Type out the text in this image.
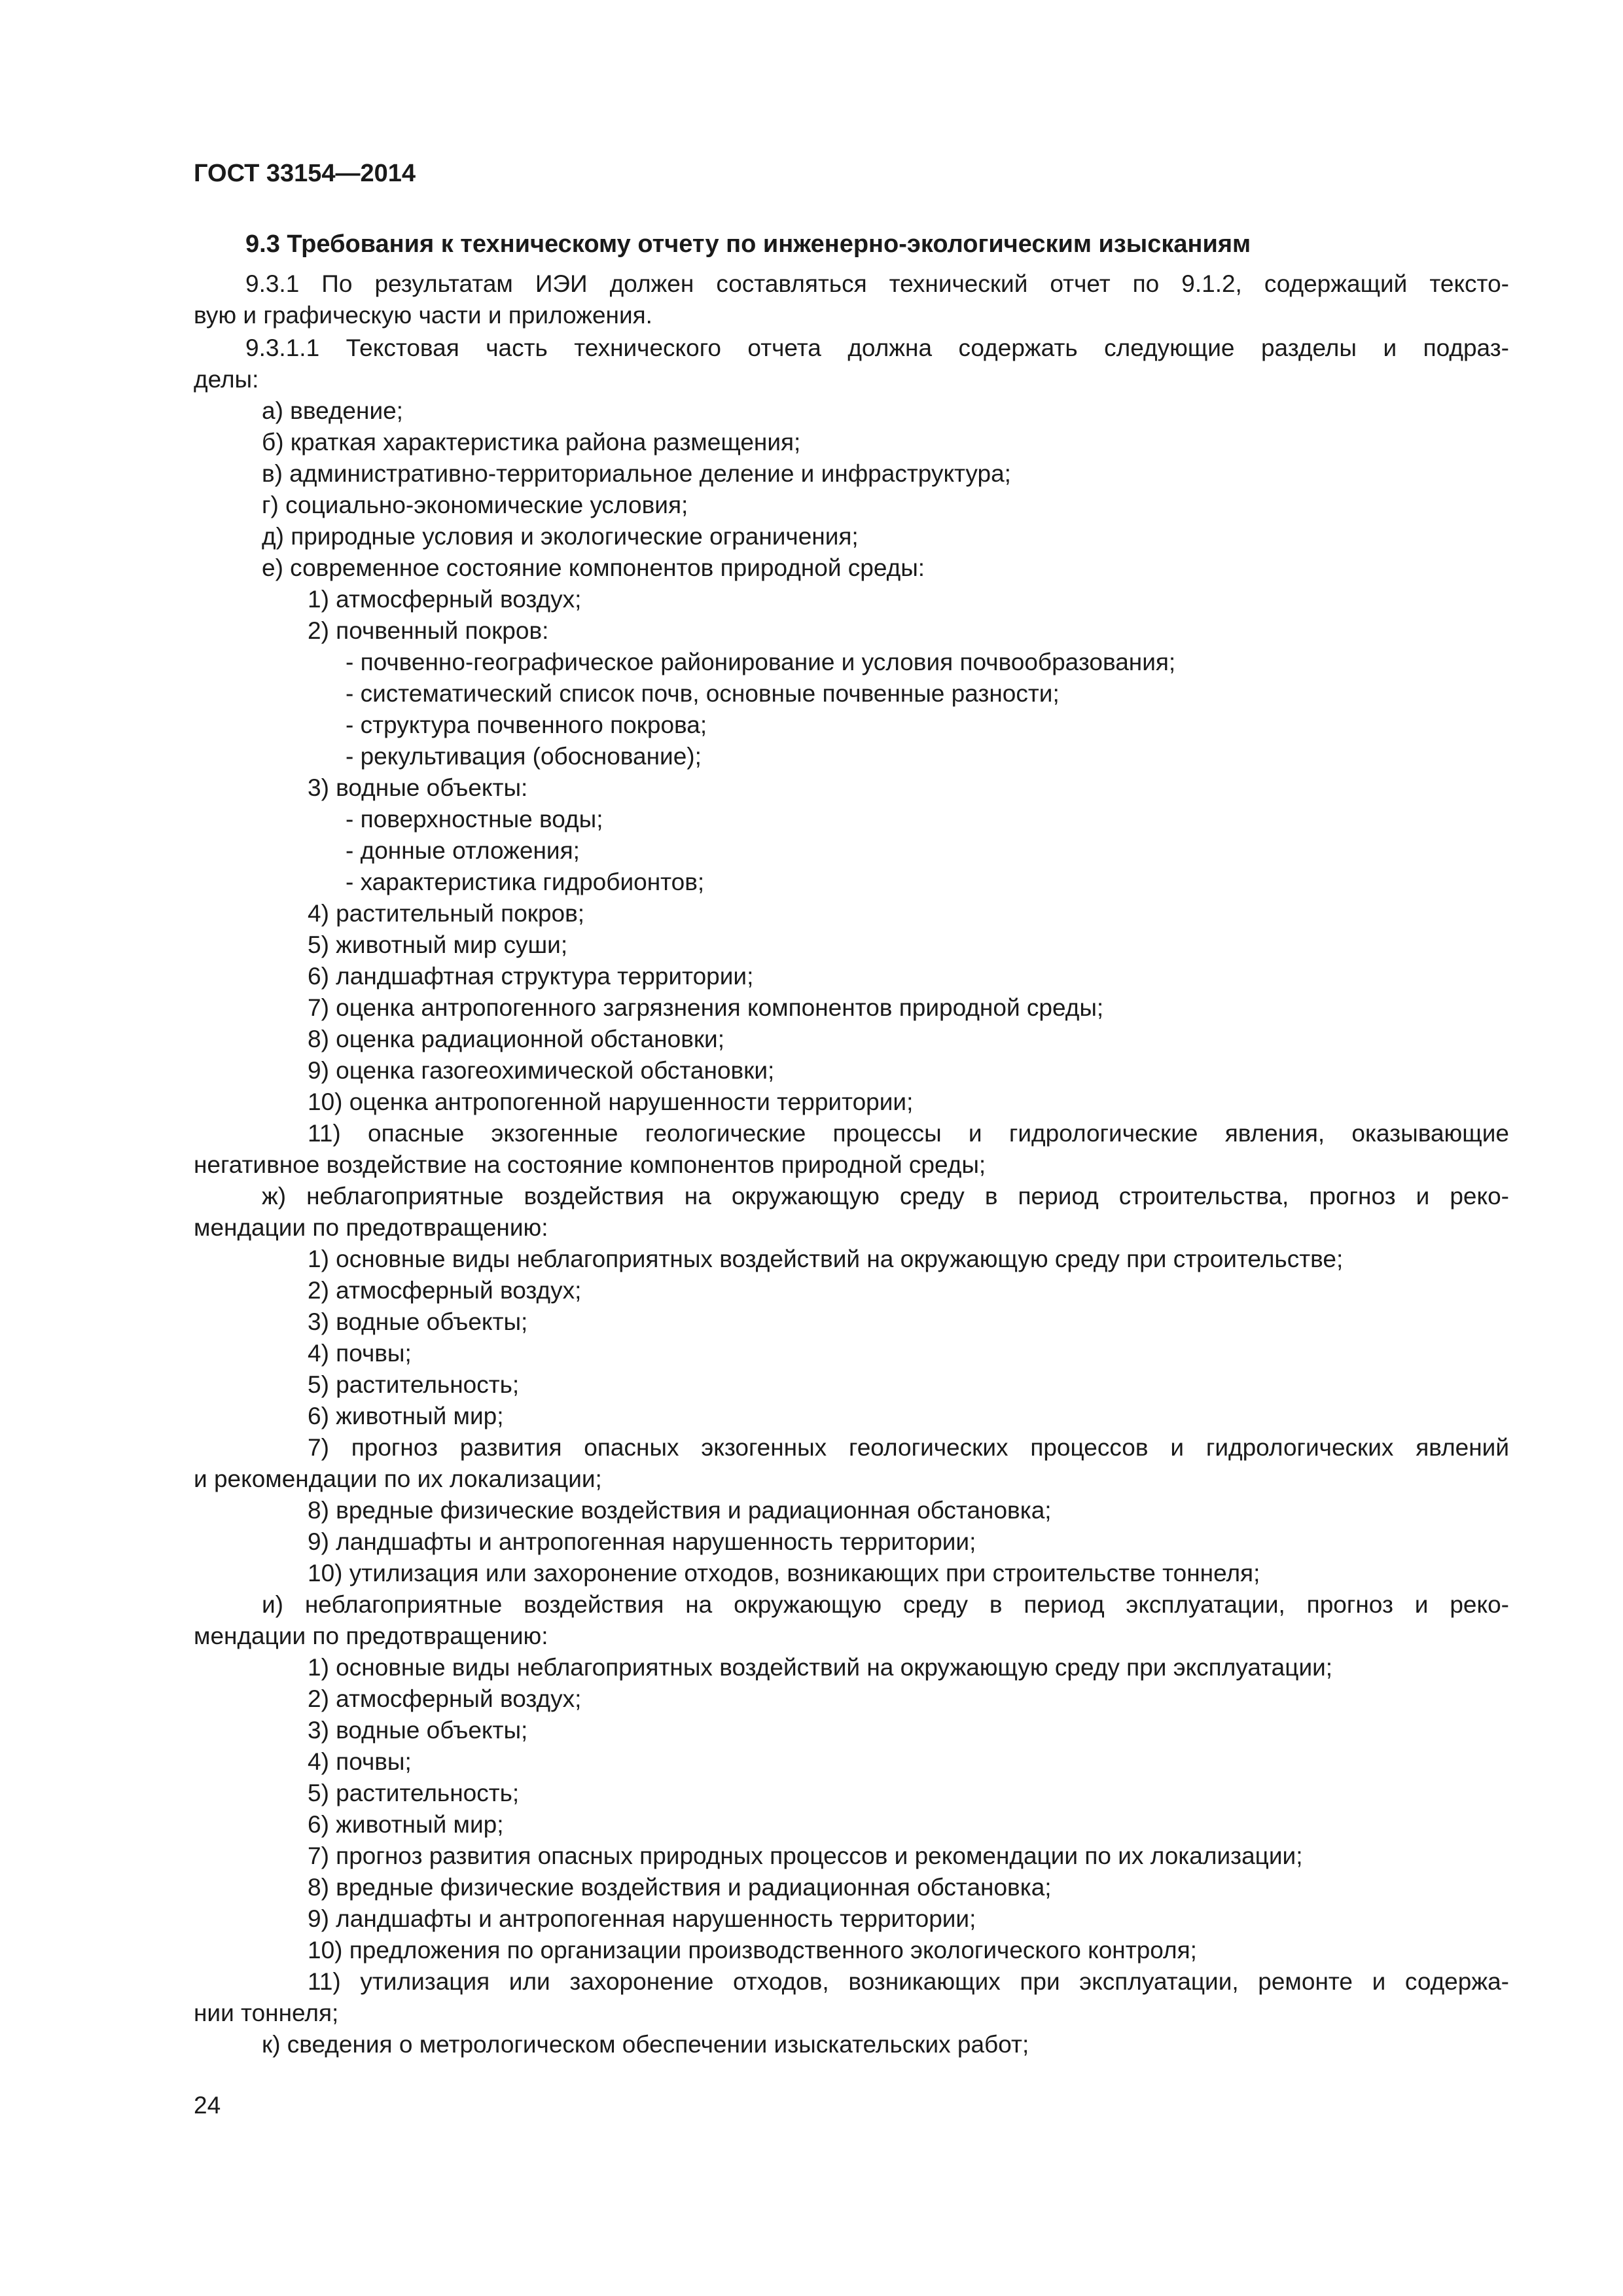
ГОСТ 33154—2014
9.3 Требования к техническому отчету по инженерно-экологическим изысканиям
9.3.1 По результатам ИЭИ должен составляться технический отчет по 9.1.2, содержащий тексто-
вую и графическую части и приложения.
9.3.1.1 Текстовая часть технического отчета должна содержать следующие разделы и подраз-
делы:
а) введение;
б) краткая характеристика района размещения;
в) административно-территориальное деление и инфраструктура;
г) социально-экономические условия;
д) природные условия и экологические ограничения;
е) современное состояние компонентов природной среды:
1) атмосферный воздух;
2) почвенный покров:
- почвенно-географическое районирование и условия почвообразования;
- систематический список почв, основные почвенные разности;
- структура почвенного покрова;
- рекультивация (обоснование);
3) водные объекты:
- поверхностные воды;
- донные отложения;
- характеристика гидробионтов;
4) растительный покров;
5) животный мир суши;
6) ландшафтная структура территории;
7) оценка антропогенного загрязнения компонентов природной среды;
8) оценка радиационной обстановки;
9) оценка газогеохимической обстановки;
10) оценка антропогенной нарушенности территории;
11) опасные экзогенные геологические процессы и гидрологические явления, оказывающие
негативное воздействие на состояние компонентов природной среды;
ж) неблагоприятные воздействия на окружающую среду в период строительства, прогноз и реко-
мендации по предотвращению:
1) основные виды неблагоприятных воздействий на окружающую среду при строительстве;
2) атмосферный воздух;
3) водные объекты;
4) почвы;
5) растительность;
6) животный мир;
7) прогноз развития опасных экзогенных геологических процессов и гидрологических явлений
и рекомендации по их локализации;
8) вредные физические воздействия и радиационная обстановка;
9) ландшафты и антропогенная нарушенность территории;
10) утилизация или захоронение отходов, возникающих при строительстве тоннеля;
и) неблагоприятные воздействия на окружающую среду в период эксплуатации, прогноз и реко-
мендации по предотвращению:
1) основные виды неблагоприятных воздействий на окружающую среду при эксплуатации;
2) атмосферный воздух;
3) водные объекты;
4) почвы;
5) растительность;
6) животный мир;
7) прогноз развития опасных природных процессов и рекомендации по их локализации;
8) вредные физические воздействия и радиационная обстановка;
9) ландшафты и антропогенная нарушенность территории;
10) предложения по организации производственного экологического контроля;
11) утилизация или захоронение отходов, возникающих при эксплуатации, ремонте и содержа-
нии тоннеля;
к) сведения о метрологическом обеспечении изыскательских работ;
24
